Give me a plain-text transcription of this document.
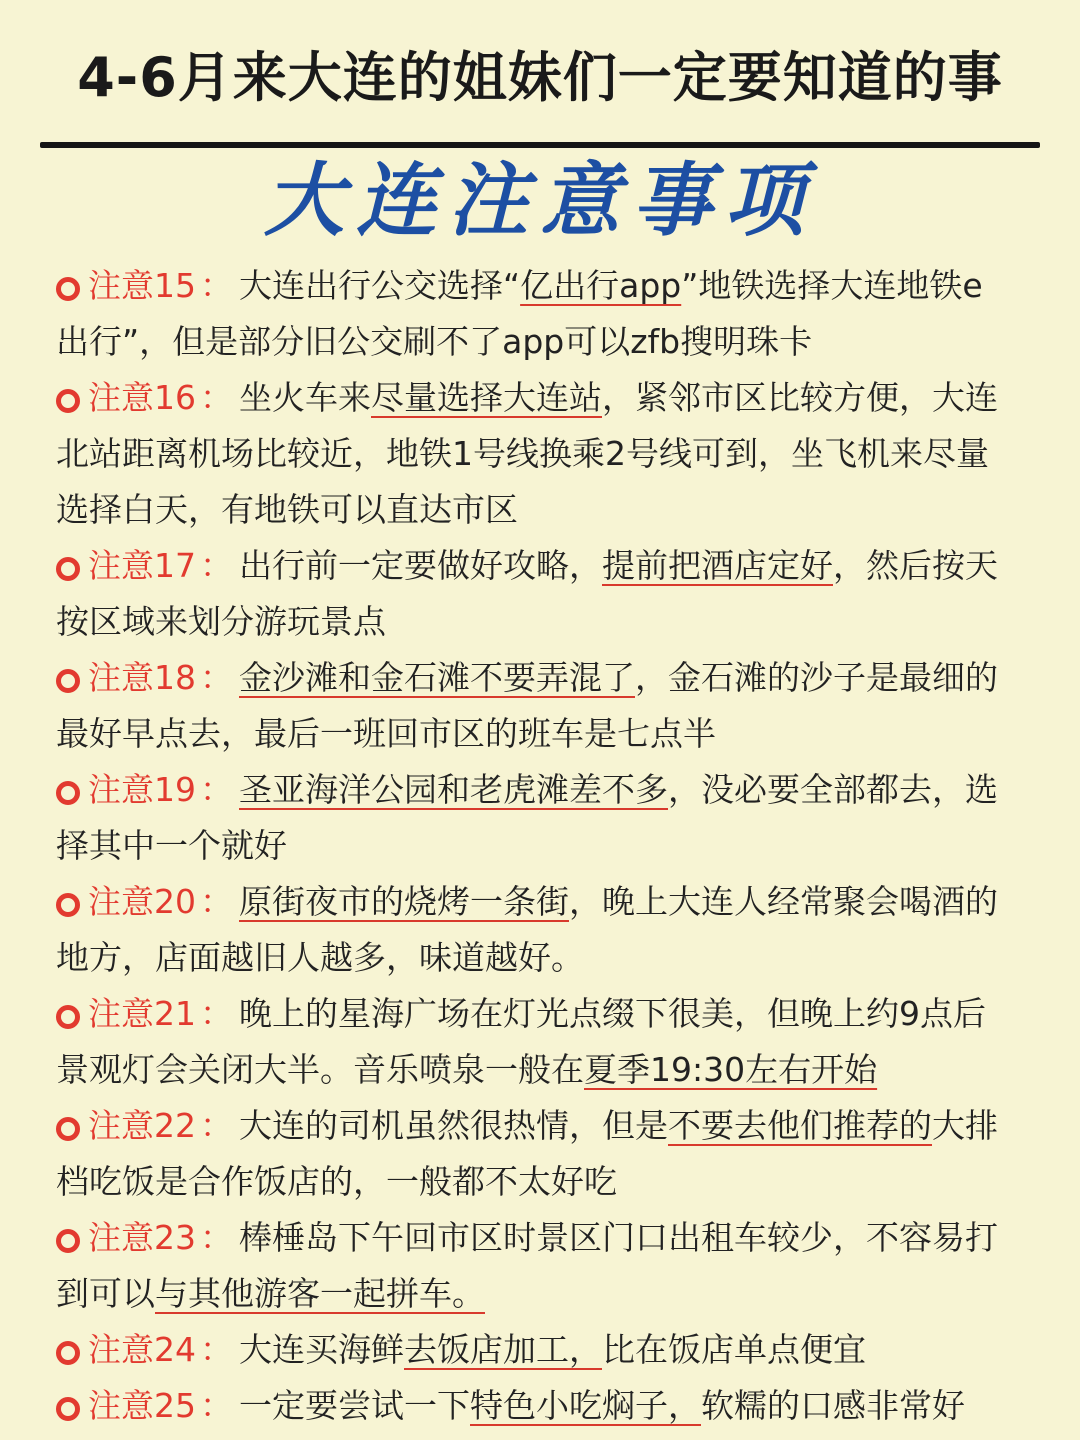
4-6月来大连的姐妹们一定要知道的事
大连注意事项

注意15 ： 大连出行公交选择“亿出行app”地铁选择大连地铁e出行”，但是部分旧公交刷不了app可以zfb搜明珠卡

注意16 ： 坐火车来尽量选择大连站，紧邻市区比较方便，大连北站距离机场比较近，地铁1号线换乘2号线可到，坐飞机来尽量选择白天，有地铁可以直达市区

注意17 ： 出行前一定要做好攻略，提前把酒店定好，然后按天按区域来划分游玩景点

注意18 ： 金沙滩和金石滩不要弄混了，金石滩的沙子是最细的最好早点去，最后一班回市区的班车是七点半

注意19 ： 圣亚海洋公园和老虎滩差不多，没必要全部都去，选择其中一个就好

注意20 ： 原街夜市的烧烤一条街，晚上大连人经常聚会喝酒的地方，店面越旧人越多，味道越好。

注意21 ： 晚上的星海广场在灯光点缀下很美，但晚上约9点后景观灯会关闭大半。音乐喷泉一般在夏季19:30左右开始

注意22 ： 大连的司机虽然很热情，但是不要去他们推荐的大排档吃饭是合作饭店的，一般都不太好吃

注意23 ： 棒棰岛下午回市区时景区门口出租车较少，不容易打到可以与其他游客一起拼车。

注意24 ： 大连买海鲜去饭店加工，比在饭店单点便宜

注意25 ： 一定要尝试一下特色小吃焖子，软糯的口感非常好
